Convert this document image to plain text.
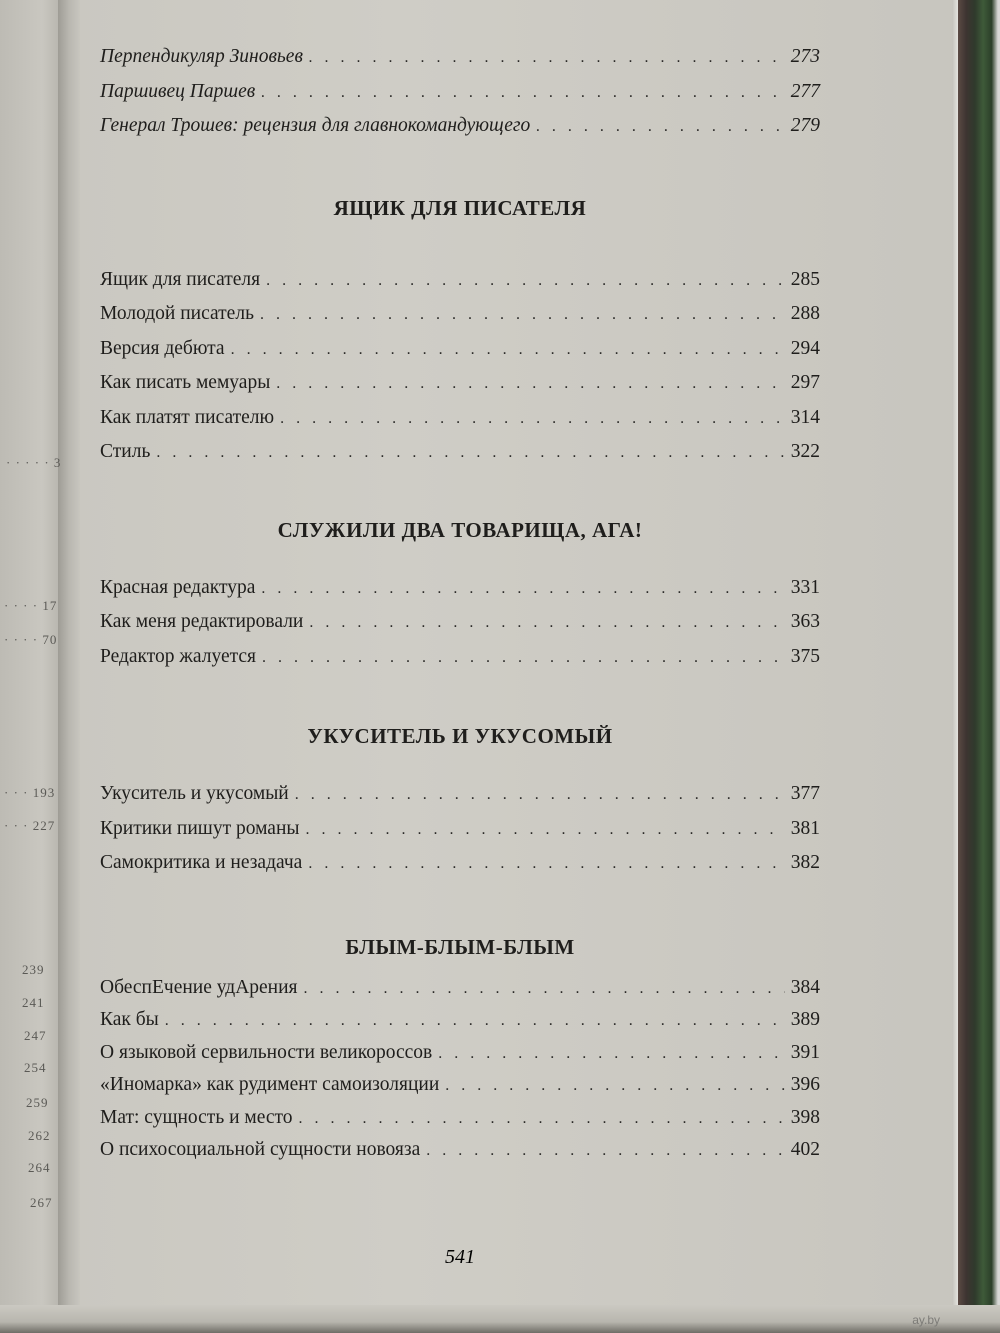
· · · · · 3
· · · · 17
· · · · 70
· · · 193
· · · 227
239
241
247
254
259
262
264
267
Перпендикуляр Зиновьев . . .	273
Паршивец Паршев . . .	277
Генерал Трошев: рецензия для главнокомандующего . . .	279
ЯЩИК ДЛЯ ПИСАТЕЛЯ
Ящик для писателя . . .	285
Молодой писатель . . .	288
Версия дебюта . . .	294
Как писать мемуары . . .	297
Как платят писателю . . .	314
Стиль . . .	322
СЛУЖИЛИ ДВА ТОВАРИЩА, АГА!
Красная редактура . . .	331
Как меня редактировали . . .	363
Редактор жалуется . . .	375
УКУСИТЕЛЬ И УКУСОМЫЙ
Укуситель и укусомый . . .	377
Критики пишут романы . . .	381
Самокритика и незадача . . .	382
БЛЫМ-БЛЫМ-БЛЫМ
ОбеспЕчение удАрения . . .	384
Как бы . . .	389
О языковой сервильности великороссов . . .	391
«Иномарка» как рудимент самоизоляции . . .	396
Мат: сущность и место . . .	398
О психосоциальной сущности новояза . . .	402
541
ay.by
